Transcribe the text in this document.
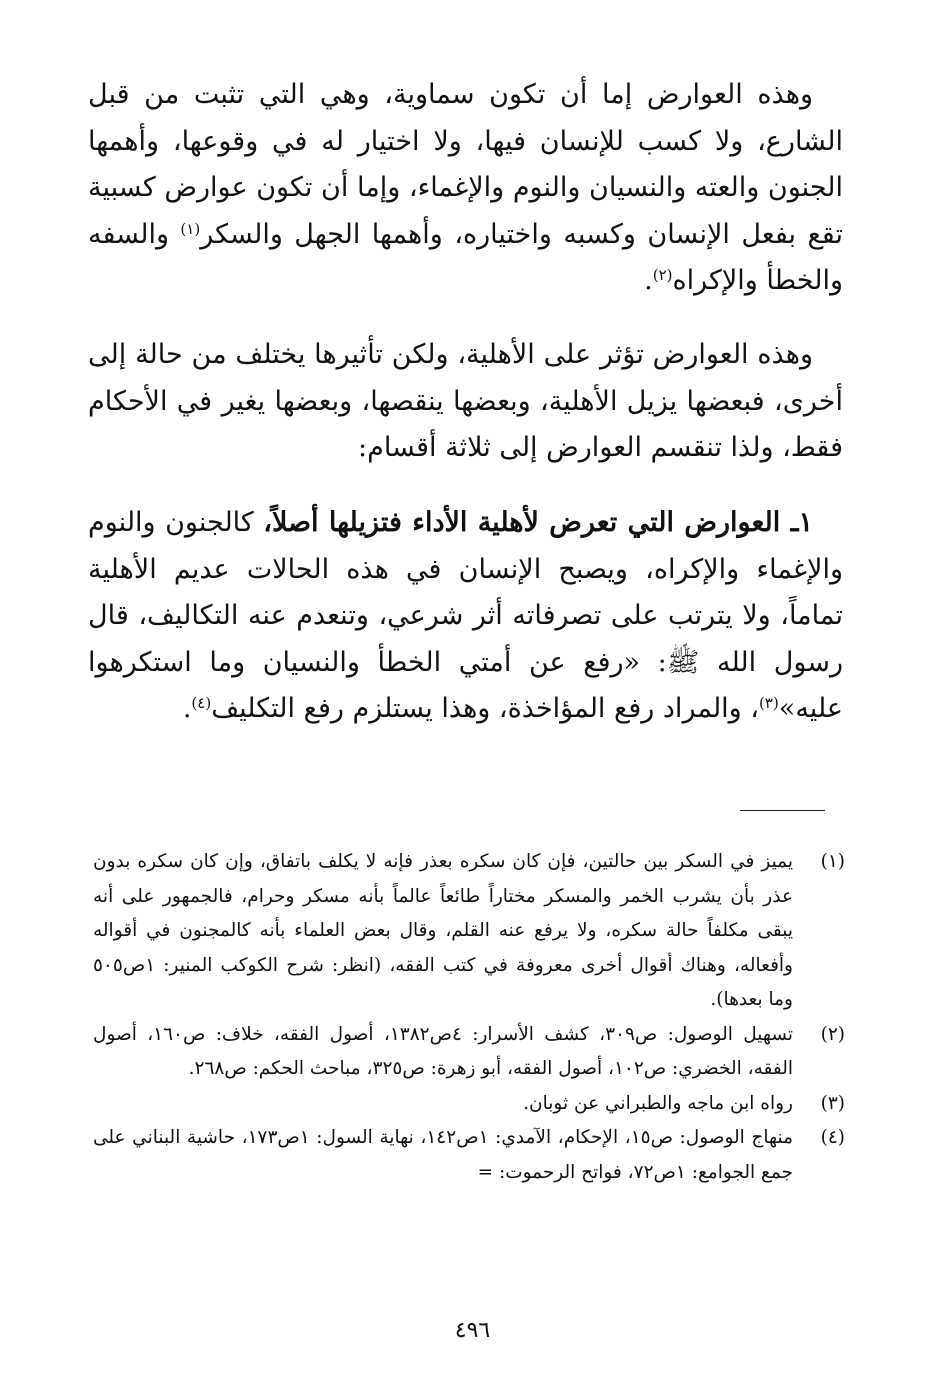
وهذه العوارض إما أن تكون سماوية، وهي التي تثبت من قبل الشارع، ولا كسب للإنسان فيها، ولا اختيار له في وقوعها، وأهمها الجنون والعته والنسيان والنوم والإغماء، وإما أن تكون عوارض كسبية تقع بفعل الإنسان وكسبه واختياره، وأهمها الجهل والسكر$^{(١)}$ والسفه والخطأ والإكراه$^{(٢)}$.

وهذه العوارض تؤثر على الأهلية، ولكن تأثيرها يختلف من حالة إلى أخرى، فبعضها يزيل الأهلية، وبعضها ينقصها، وبعضها يغير في الأحكام فقط، ولذا تنقسم العوارض إلى ثلاثة أقسام:

١ـ العوارض التي تعرض لأهلية الأداء فتزيلها أصلاً، كالجنون والنوم والإغماء والإكراه، ويصبح الإنسان في هذه الحالات عديم الأهلية تماماً، ولا يترتب على تصرفاته أثر شرعي، وتنعدم عنه التكاليف، قال رسول الله ﷺ: «رفع عن أمتي الخطأ والنسيان وما استكرهوا عليه»$^{(٣)}$، والمراد رفع المؤاخذة، وهذا يستلزم رفع التكليف$^{(٤)}$.

(١)
يميز في السكر بين حالتين، فإن كان سكره بعذر فإنه لا يكلف باتفاق، وإن كان سكره بدون عذر بأن يشرب الخمر والمسكر مختاراً طائعاً عالماً بأنه مسكر وحرام، فالجمهور على أنه يبقى مكلفاً حالة سكره، ولا يرفع عنه القلم، وقال بعض العلماء بأنه كالمجنون في أقواله وأفعاله، وهناك أقوال أخرى معروفة في كتب الفقه، (انظر: شرح الكوكب المنير: ١ص٥٠٥ وما بعدها).
(٢)
تسهيل الوصول: ص٣٠٩، كشف الأسرار: ٤ص١٣٨٢، أصول الفقه، خلاف: ص١٦٠، أصول الفقه، الخضري: ص١٠٢، أصول الفقه، أبو زهرة: ص٣٢٥، مباحث الحكم: ص٢٦٨.
(٣)
رواه ابن ماجه والطبراني عن ثوبان.
(٤)
منهاج الوصول: ص١٥، الإحكام، الآمدي: ١ص١٤٢، نهاية السول: ١ص١٧٣، حاشية البناني على جمع الجوامع: ١ص٧٢، فواتح الرحموت: =
٤٩٦
